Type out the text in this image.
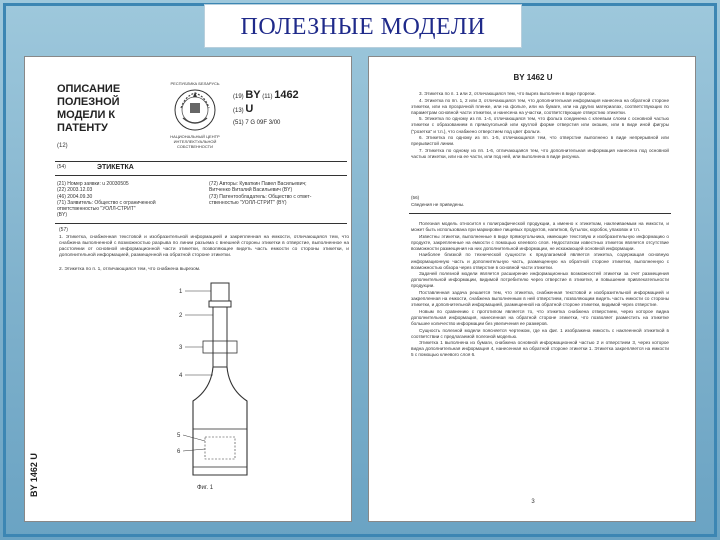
ПОЛЕЗНЫЕ МОДЕЛИ
ОПИСАНИЕ
ПОЛЕЗНОЙ
МОДЕЛИ К
ПАТЕНТУ
(12)
РЕСПУБЛИКА БЕЛАРУСЬ
НАЦИОНАЛЬНЫЙ ЦЕНТР ИНТЕЛЛЕКТУАЛЬНОЙ СОБСТВЕННОСТИ
(19) BY (11) 1462
(13) U
(51) 7 G 09F 3/00
(54)	ЭТИКЕТКА
(21) Номер заявки: u 20030505
(22) 2003.12.03
(46) 2004.09.30
(71) Заявитель: Общество с ограниченной
ответственностью "УОЛЛ-СТРИТ"
(BY)
(72) Авторы: Куваткин Павел Васильевич;
Витченко Виталий Васильевич (BY)
(73) Патентообладатель: Общество с ответ-
ственностью "УОЛЛ-СТРИТ" (BY)
(57)
1. Этикетка, снабженная текстовой и изобразительной информацией и закрепленная на емкости, отличающаяся тем, что снабжена выполненной с возможностью разрыва по линии разъема с внешней стороны этикетки в отверстие, выполненное на расстоянии от основной информационной части этикетки, позволяющее видеть часть емкости со стороны этикетки, и дополнительной информацией, размещенной на обратной стороне этикетки.
2. Этикетка по п. 1, отличающаяся тем, что снабжена вырезом.
1
2
3
4
5
6
Фиг. 1
BY 1462 U
BY 1462 U

3. Этикетка по п. 1 или 2, отличающаяся тем, что вырез выполнен в виде прорези.

4. Этикетка по пп. 1, 2 или 3, отличающаяся тем, что дополнительная информация нанесена на обратной стороне этикетки, или на прозрачной пленке, или на фольге, или на бумаге, или на других материалах, соответствующих по параметрам основной части этикетки, и нанесена на участки, соответствующие отверстию этикетки.

5. Этикетка по одному из пп. 1-4, отличающаяся тем, что фольга соединена с клеевым слоем с основной частью этикетки с образованием в прямоугольной или круглой форме отверстия или окошек, или в виде иной фигуры ("розетка" и т.п.), что снабжено отверстием под цвет фольги.

6. Этикетка по одному из пп. 1-5, отличающаяся тем, что отверстие выполнено в виде непрерывной или прерывистой линии.

7. Этикетка по одному из пп. 1-6, отличающаяся тем, что дополнительная информация нанесена под основной частью этикетки, или на ее части, или под ней, или выполнена в виде рисунка.

(56)
Сведения не приведены.

Полезная модель относится к полиграфической продукции, а именно к этикеткам, наклеиваемым на емкости, и может быть использована при маркировке пищевых продуктов, напитков, бутылок, коробок, упаковок и т.п.

Известны этикетки, выполненные в виде прямоугольника, имеющие текстовую и изобразительную информацию о продукте, закрепленные на емкости с помощью клеевого слоя. Недостатком известных этикеток является отсутствие возможности размещения на них дополнительной информации, не искажающей основной информации.

Наиболее близкой по технической сущности к предлагаемой является этикетка, содержащая основную информационную часть и дополнительную часть, размещенную на обратной стороне этикетки, выполненную с возможностью обзора через отверстие в основной части этикетки.

Задачей полезной модели является расширение информационных возможностей этикетки за счет размещения дополнительной информации, видимой потребителю через отверстие в этикетке, и повышение привлекательности продукции.

Поставленная задача решается тем, что этикетка, снабженная текстовой и изобразительной информацией и закрепленная на емкости, снабжена выполненным в ней отверстием, позволяющим видеть часть емкости со стороны этикетки, и дополнительной информацией, размещенной на обратной стороне этикетки, видимой через отверстие.

Новым по сравнению с прототипом является то, что этикетка снабжена отверстием, через которое видна дополнительная информация, нанесенная на обратной стороне этикетки, что позволяет разместить на этикетке большее количество информации без увеличения ее размеров.

Сущность полезной модели поясняется чертежом, где на фиг. 1 изображена емкость с наклеенной этикеткой в соответствии с предлагаемой полезной моделью.

Этикетка 1 выполнена из бумаги, снабжена основной информационной частью 2 и отверстием 3, через которое видна дополнительная информация 4, нанесенная на обратной стороне этикетки 1. Этикетка закрепляется на емкости 5 с помощью клеевого слоя 6.

3
